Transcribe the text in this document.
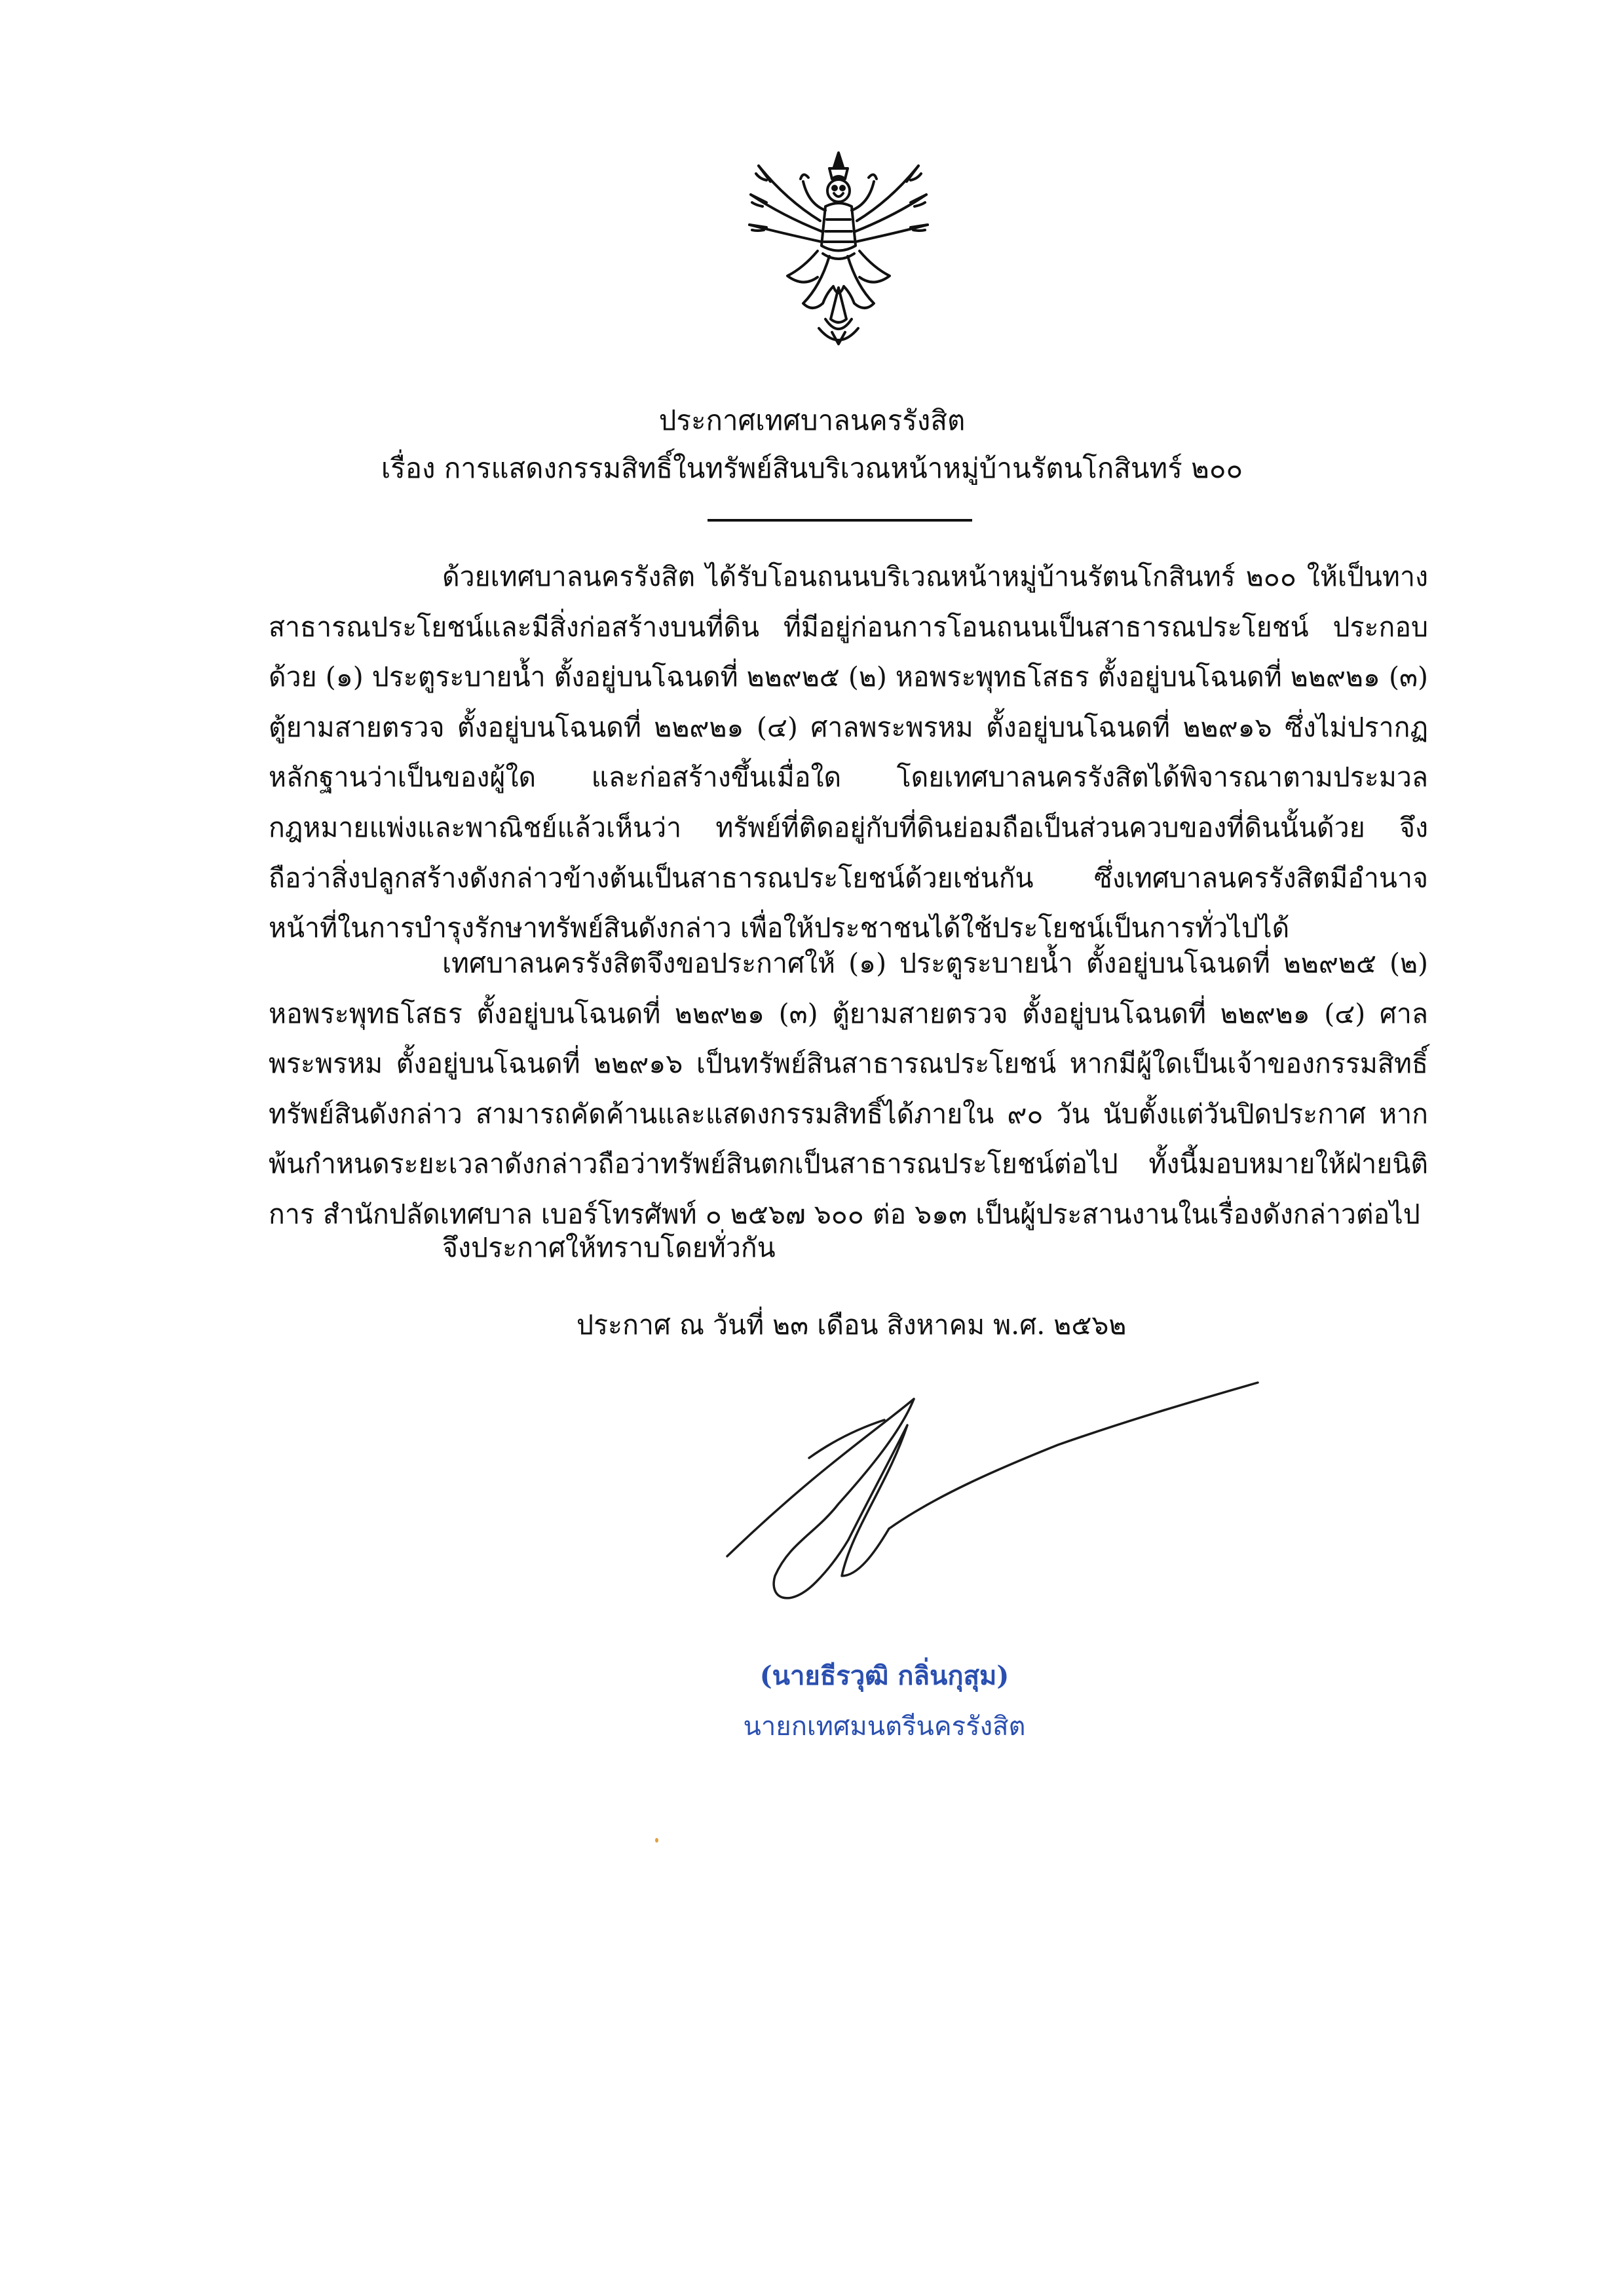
ประกาศเทศบาลนครรังสิต
เรื่อง การแสดงกรรมสิทธิ์ในทรัพย์สินบริเวณหน้าหมู่บ้านรัตนโกสินทร์ ๒๐๐

ด้วยเทศบาลนครรังสิต ได้รับโอนถนนบริเวณหน้าหมู่บ้านรัตนโกสินทร์ ๒๐๐ ให้เป็นทางสาธารณประโยชน์และมีสิ่งก่อสร้างบนที่ดิน ที่มีอยู่ก่อนการโอนถนนเป็นสาธารณประโยชน์ ประกอบด้วย (๑) ประตูระบายน้ำ ตั้งอยู่บนโฉนดที่ ๒๒๙๒๕ (๒) หอพระพุทธโสธร ตั้งอยู่บนโฉนดที่ ๒๒๙๒๑ (๓) ตู้ยามสายตรวจ ตั้งอยู่บนโฉนดที่ ๒๒๙๒๑ (๔) ศาลพระพรหม ตั้งอยู่บนโฉนดที่ ๒๒๙๑๖ ซึ่งไม่ปรากฏหลักฐานว่าเป็นของผู้ใด และก่อสร้างขึ้นเมื่อใด โดยเทศบาลนครรังสิตได้พิจารณาตามประมวลกฎหมายแพ่งและพาณิชย์แล้วเห็นว่า ทรัพย์ที่ติดอยู่กับที่ดินย่อมถือเป็นส่วนควบของที่ดินนั้นด้วย จึงถือว่าสิ่งปลูกสร้างดังกล่าวข้างต้นเป็นสาธารณประโยชน์ด้วยเช่นกัน ซึ่งเทศบาลนครรังสิตมีอำนาจหน้าที่ในการบำรุงรักษาทรัพย์สินดังกล่าว เพื่อให้ประชาชนได้ใช้ประโยชน์เป็นการทั่วไปได้

เทศบาลนครรังสิตจึงขอประกาศให้ (๑) ประตูระบายน้ำ ตั้งอยู่บนโฉนดที่ ๒๒๙๒๕ (๒) หอพระพุทธโสธร ตั้งอยู่บนโฉนดที่ ๒๒๙๒๑ (๓) ตู้ยามสายตรวจ ตั้งอยู่บนโฉนดที่ ๒๒๙๒๑ (๔) ศาลพระพรหม ตั้งอยู่บนโฉนดที่ ๒๒๙๑๖ เป็นทรัพย์สินสาธารณประโยชน์ หากมีผู้ใดเป็นเจ้าของกรรมสิทธิ์ทรัพย์สินดังกล่าว สามารถคัดค้านและแสดงกรรมสิทธิ์ได้ภายใน ๙๐ วัน นับตั้งแต่วันปิดประกาศ หากพ้นกำหนดระยะเวลาดังกล่าวถือว่าทรัพย์สินตกเป็นสาธารณประโยชน์ต่อไป ทั้งนี้มอบหมายให้ฝ่ายนิติการ สำนักปลัดเทศบาล เบอร์โทรศัพท์ ๐ ๒๕๖๗ ๖๐๐ ต่อ ๖๑๓ เป็นผู้ประสานงานในเรื่องดังกล่าวต่อไป

จึงประกาศให้ทราบโดยทั่วกัน
ประกาศ ณ วันที่ ๒๓ เดือน สิงหาคม พ.ศ. ๒๕๖๒
(นายธีรวุฒิ กลิ่นกุสุม)
นายกเทศมนตรีนครรังสิต
